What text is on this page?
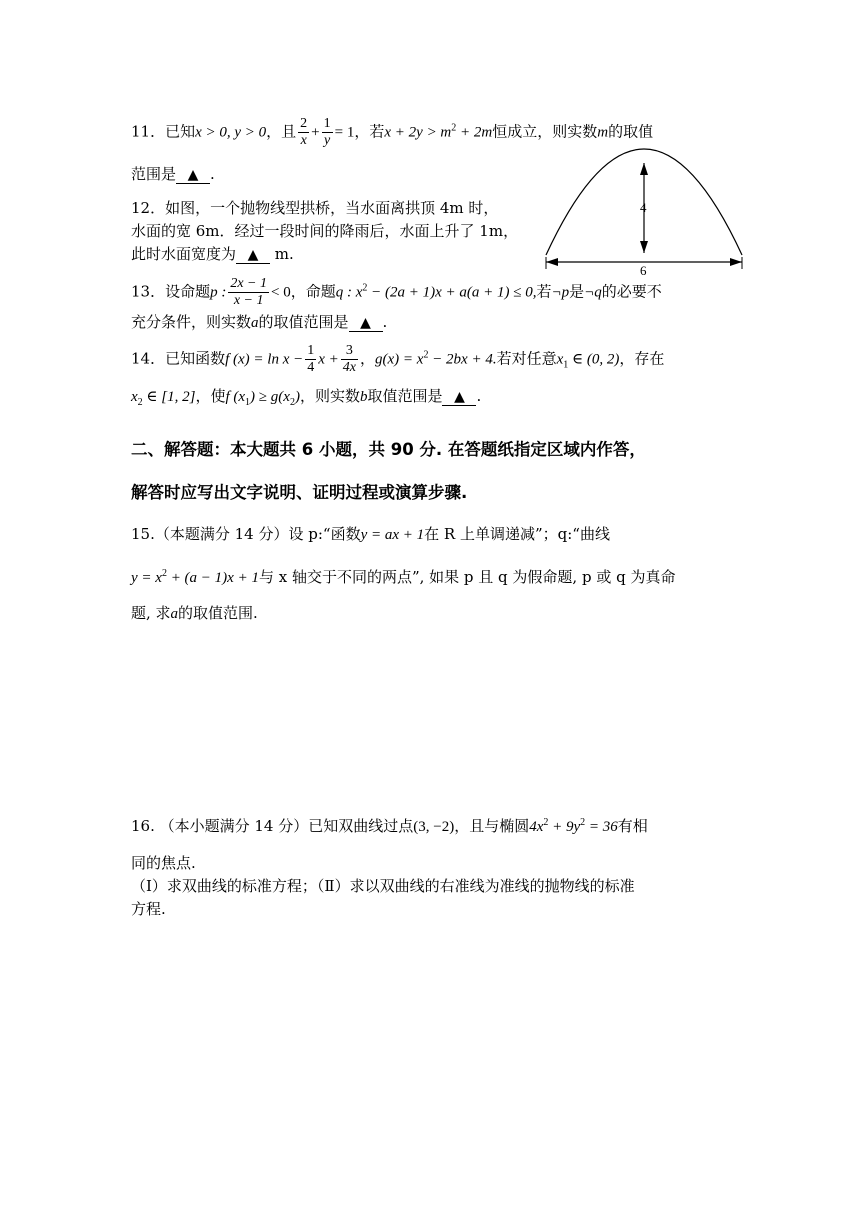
11．已知x > 0, y > 0，且 $\frac{2}{x} + \frac{1}{y} = 1$，若$x + 2y > m^2 + 2m$恒成立，则实数m的取值
范围是 ▲ .
12．如图，一个抛物线型拱桥，当水面离拱顶 4m 时，
水面的宽 6m．经过一段时间的降雨后，水面上升了 1m，
此时水面宽度为 ▲ m.
4
6
13．设命题p : $\frac{2x - 1}{x - 1} < 0$，命题q : $x^2 - (2a + 1)x + a(a + 1) \le 0$,若¬p是¬q的必要不
充分条件，则实数a的取值范围是 ▲ .
14．已知函数f $(x) = \ln x - \frac{1}{4}$ $x + \frac{3}{4x}$ ，$g(x) = x^2 - 2bx + 4$.若对任意$x_1$ ∈ (0, 2)，存在
$x_2$ ∈ [1, 2]，使f $(x_1) \ge g(x_2)$，则实数b取值范围是 ▲ .
二、解答题：本大题共 6 小题，共 90 分. 在答题纸指定区域内作答，
解答时应写出文字说明、证明过程或演算步骤.
15.（本题满分 14 分）设 p:“函数y = ax + 1在 R 上单调递减”；q:“曲线
$y = x^2 + (a - 1)x + 1$与 x 轴交于不同的两点”, 如果 p 且 q 为假命题, p 或 q 为真命
题, 求a的取值范围.
16. （本小题满分 14 分）已知双曲线过点(3, −2)，且与椭圆$4x^2 + 9y^2 = 36$有相
同的焦点.
（Ⅰ）求双曲线的标准方程；（Ⅱ）求以双曲线的右准线为准线的抛物线的标准
方程.
